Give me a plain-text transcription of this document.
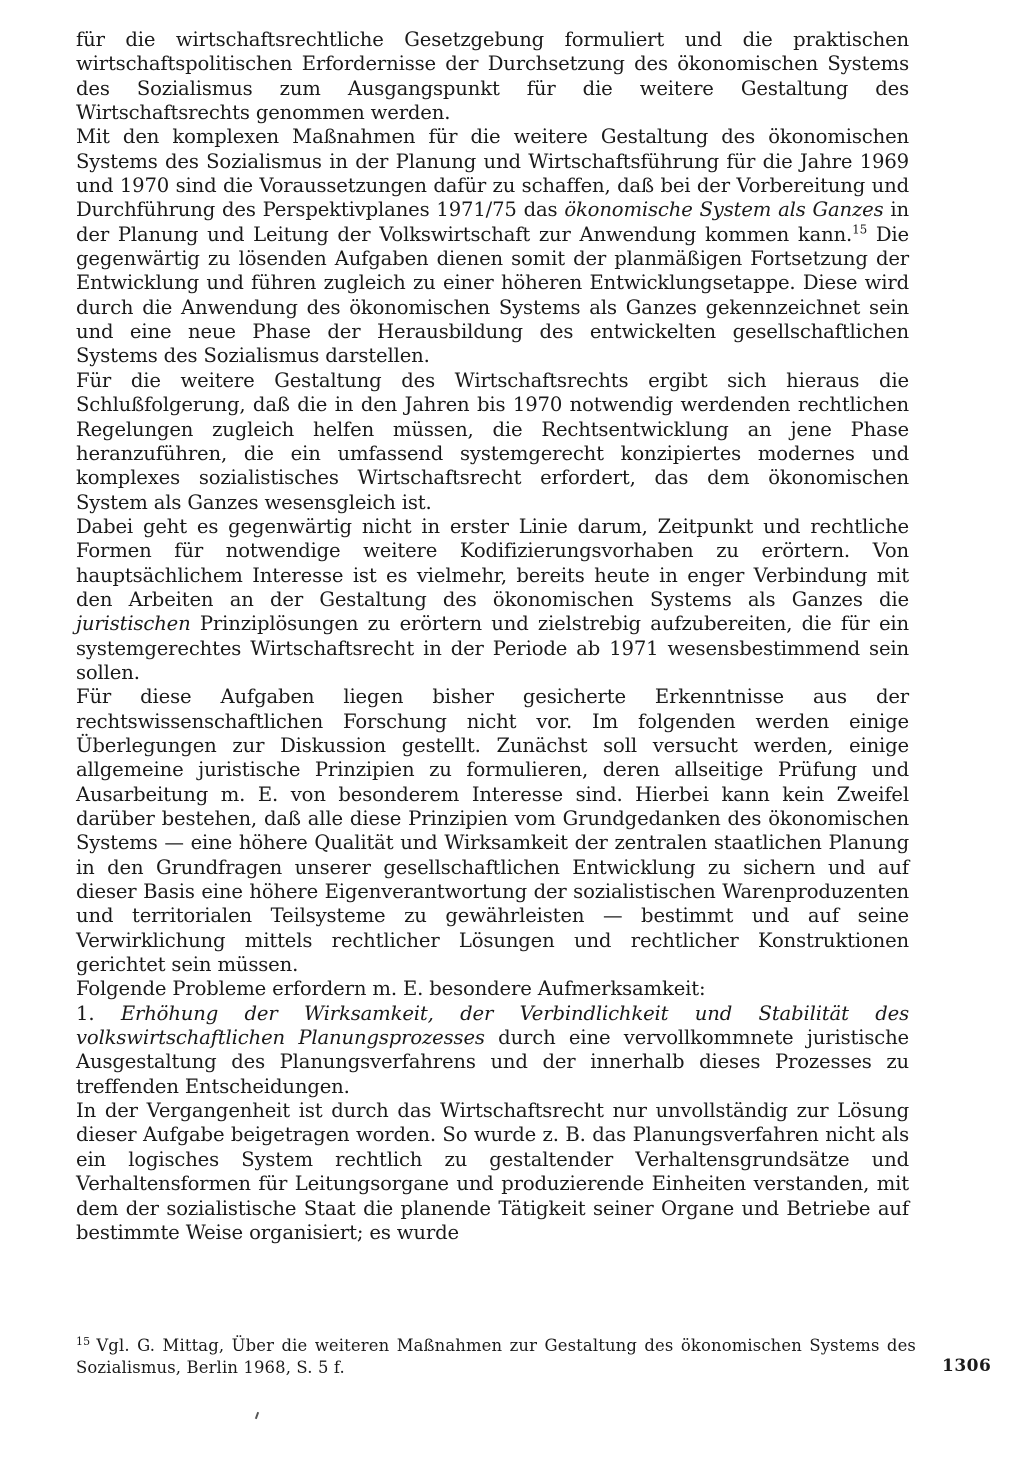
für die wirtschaftsrechtliche Gesetzgebung formuliert und die praktischen wirtschaftspolitischen Erfordernisse der Durchsetzung des ökonomischen Systems des Sozialismus zum Ausgangspunkt für die weitere Gestaltung des Wirtschaftsrechts genommen werden.

Mit den komplexen Maßnahmen für die weitere Gestaltung des ökonomischen Systems des Sozialismus in der Planung und Wirtschaftsführung für die Jahre 1969 und 1970 sind die Voraussetzungen dafür zu schaffen, daß bei der Vorbereitung und Durchführung des Perspektivplanes 1971/75 das ökonomische System als Ganzes in der Planung und Leitung der Volkswirtschaft zur Anwendung kommen kann.$^{15}$ Die gegenwärtig zu lösenden Aufgaben dienen somit der planmäßigen Fortsetzung der Entwicklung und führen zugleich zu einer höheren Entwicklungsetappe. Diese wird durch die Anwendung des ökonomischen Systems als Ganzes gekennzeichnet sein und eine neue Phase der Herausbildung des entwickelten gesellschaftlichen Systems des Sozialismus darstellen.

Für die weitere Gestaltung des Wirtschaftsrechts ergibt sich hieraus die Schlußfolgerung, daß die in den Jahren bis 1970 notwendig werdenden rechtlichen Regelungen zugleich helfen müssen, die Rechtsentwicklung an jene Phase heranzuführen, die ein umfassend systemgerecht konzipiertes modernes und komplexes sozialistisches Wirtschaftsrecht erfordert, das dem ökonomischen System als Ganzes wesensgleich ist.

Dabei geht es gegenwärtig nicht in erster Linie darum, Zeitpunkt und rechtliche Formen für notwendige weitere Kodifizierungsvorhaben zu erörtern. Von hauptsächlichem Interesse ist es vielmehr, bereits heute in enger Verbindung mit den Arbeiten an der Gestaltung des ökonomischen Systems als Ganzes die juristischen Prinziplösungen zu erörtern und zielstrebig aufzubereiten, die für ein systemgerechtes Wirtschaftsrecht in der Periode ab 1971 wesensbestimmend sein sollen.

Für diese Aufgaben liegen bisher gesicherte Erkenntnisse aus der rechtswissenschaftlichen Forschung nicht vor. Im folgenden werden einige Überlegungen zur Diskussion gestellt. Zunächst soll versucht werden, einige allgemeine juristische Prinzipien zu formulieren, deren allseitige Prüfung und Ausarbeitung m. E. von besonderem Interesse sind. Hierbei kann kein Zweifel darüber bestehen, daß alle diese Prinzipien vom Grundgedanken des ökonomischen Systems — eine höhere Qualität und Wirksamkeit der zentralen staatlichen Planung in den Grundfragen unserer gesellschaftlichen Entwicklung zu sichern und auf dieser Basis eine höhere Eigenverantwortung der sozialistischen Warenproduzenten und territorialen Teilsysteme zu gewährleisten — bestimmt und auf seine Verwirklichung mittels rechtlicher Lösungen und rechtlicher Konstruktionen gerichtet sein müssen.

Folgende Probleme erfordern m. E. besondere Aufmerksamkeit:

1. Erhöhung der Wirksamkeit, der Verbindlichkeit und Stabilität des volkswirtschaftlichen Planungsprozesses durch eine vervollkommnete juristische Ausgestaltung des Planungsverfahrens und der innerhalb dieses Prozesses zu treffenden Entscheidungen.

In der Vergangenheit ist durch das Wirtschaftsrecht nur unvollständig zur Lösung dieser Aufgabe beigetragen worden. So wurde z. B. das Planungsverfahren nicht als ein logisches System rechtlich zu gestaltender Verhaltensgrundsätze und Verhaltensformen für Leitungsorgane und produzierende Einheiten verstanden, mit dem der sozialistische Staat die planende Tätigkeit seiner Organe und Betriebe auf bestimmte Weise organisiert; es wurde

$^{15}$ Vgl. G. Mittag, Über die weiteren Maßnahmen zur Gestaltung des ökonomischen Systems des Sozialismus, Berlin 1968, S. 5 f.	1306
